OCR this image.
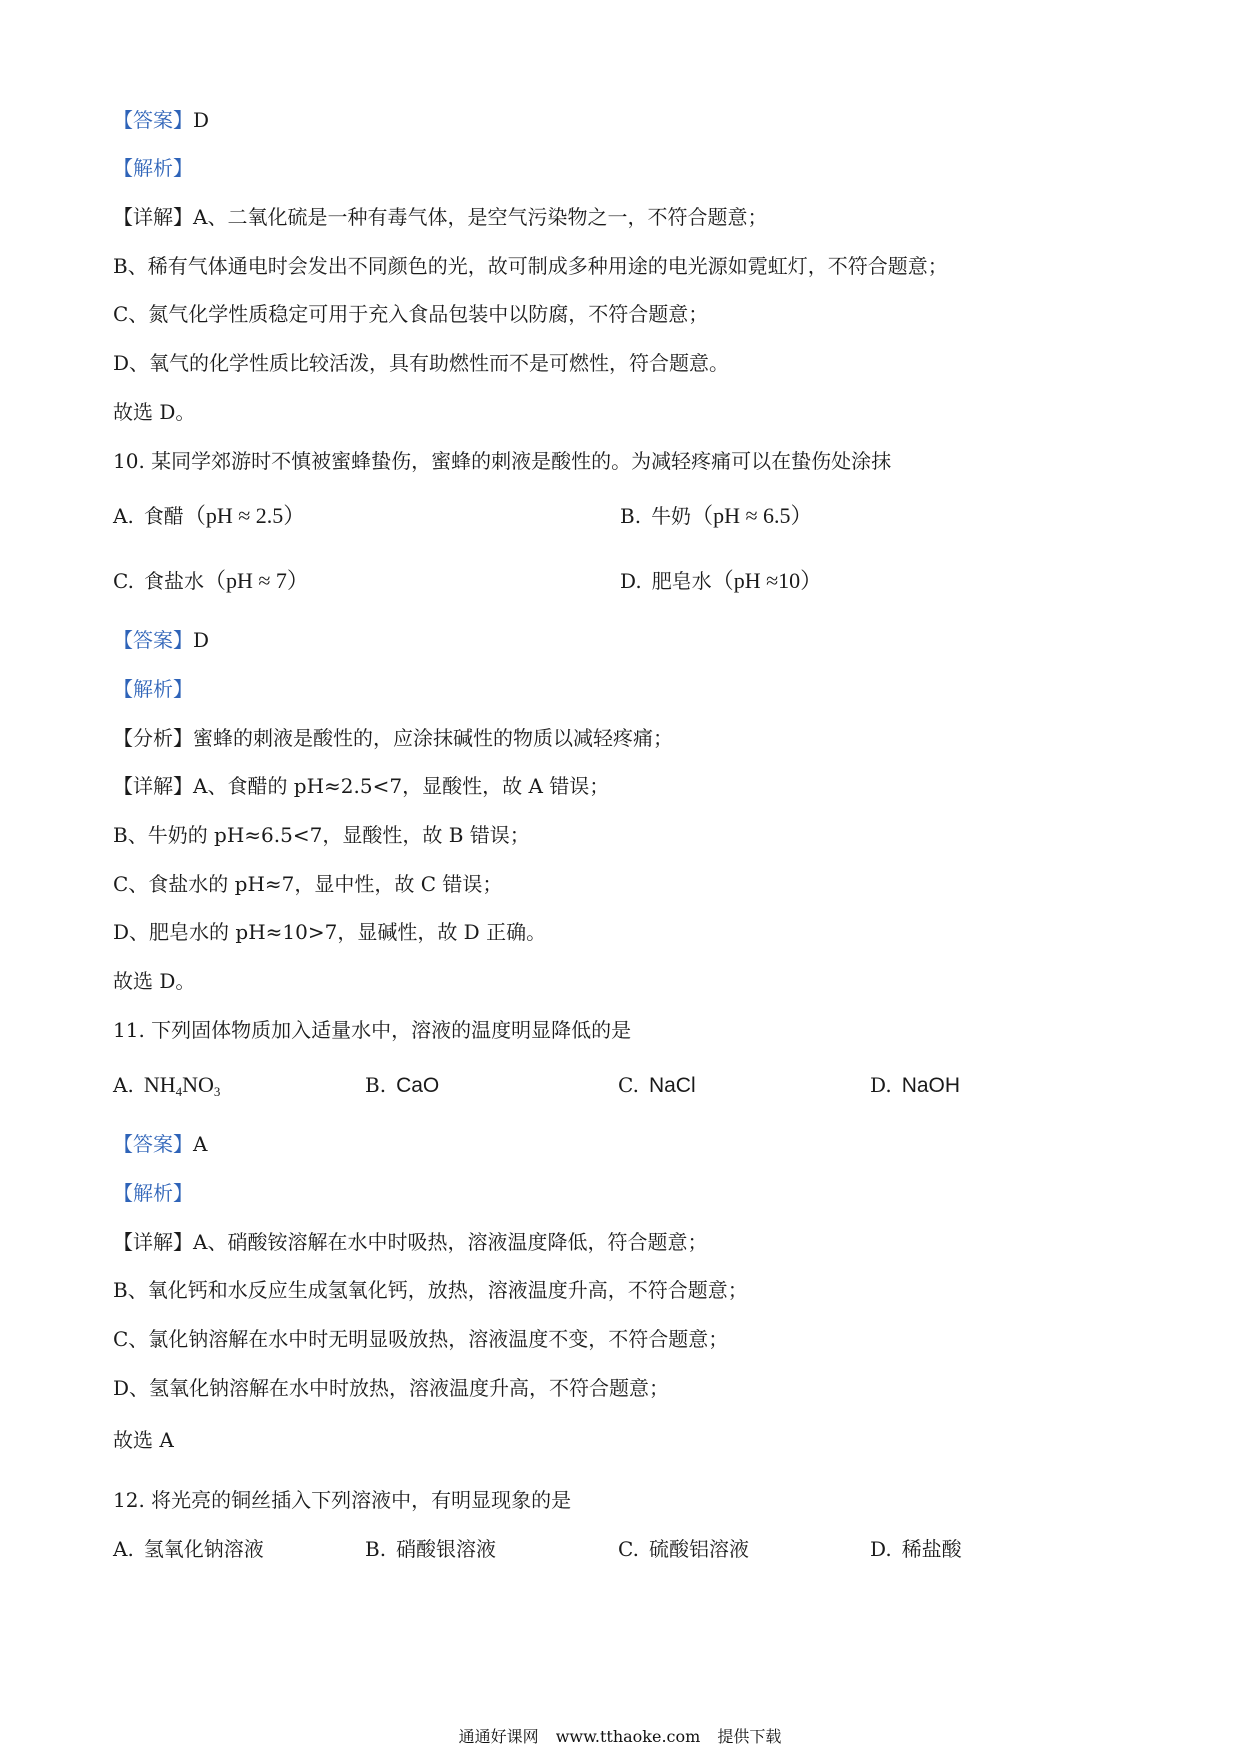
【答案】D
【解析】
【详解】A、二氧化硫是一种有毒气体，是空气污染物之一，不符合题意；
B、稀有气体通电时会发出不同颜色的光，故可制成多种用途的电光源如霓虹灯，不符合题意；
C、氮气化学性质稳定可用于充入食品包装中以防腐，不符合题意；
D、氧气的化学性质比较活泼，具有助燃性而不是可燃性，符合题意。
故选 D。
10. 某同学郊游时不慎被蜜蜂蛰伤，蜜蜂的刺液是酸性的。为减轻疼痛可以在蛰伤处涂抹
A. 食醋（pH ≈ 2.5）	B. 牛奶（pH ≈ 6.5）
C. 食盐水（pH ≈ 7）	D. 肥皂水（pH ≈10）
【答案】D
【解析】
【分析】蜜蜂的刺液是酸性的，应涂抹碱性的物质以减轻疼痛；
【详解】A、食醋的 pH≈2.5<7，显酸性，故 A 错误；
B、牛奶的 pH≈6.5<7，显酸性，故 B 错误；
C、食盐水的 pH≈7，显中性，故 C 错误；
D、肥皂水的 pH≈10>7，显碱性，故 D 正确。
故选 D。
11. 下列固体物质加入适量水中，溶液的温度明显降低的是
A. $NH_4NO_3$	B. CaO	C. NaCl	D. NaOH
【答案】A
【解析】
【详解】A、硝酸铵溶解在水中时吸热，溶液温度降低，符合题意；
B、氧化钙和水反应生成氢氧化钙，放热，溶液温度升高，不符合题意；
C、氯化钠溶解在水中时无明显吸放热，溶液温度不变，不符合题意；
D、氢氧化钠溶解在水中时放热，溶液温度升高，不符合题意；
故选 A
12. 将光亮的铜丝插入下列溶液中，有明显现象的是
A. 氢氧化钠溶液	B. 硝酸银溶液	C. 硫酸铝溶液	D. 稀盐酸
通通好课网 www.tthaoke.com 提供下载
